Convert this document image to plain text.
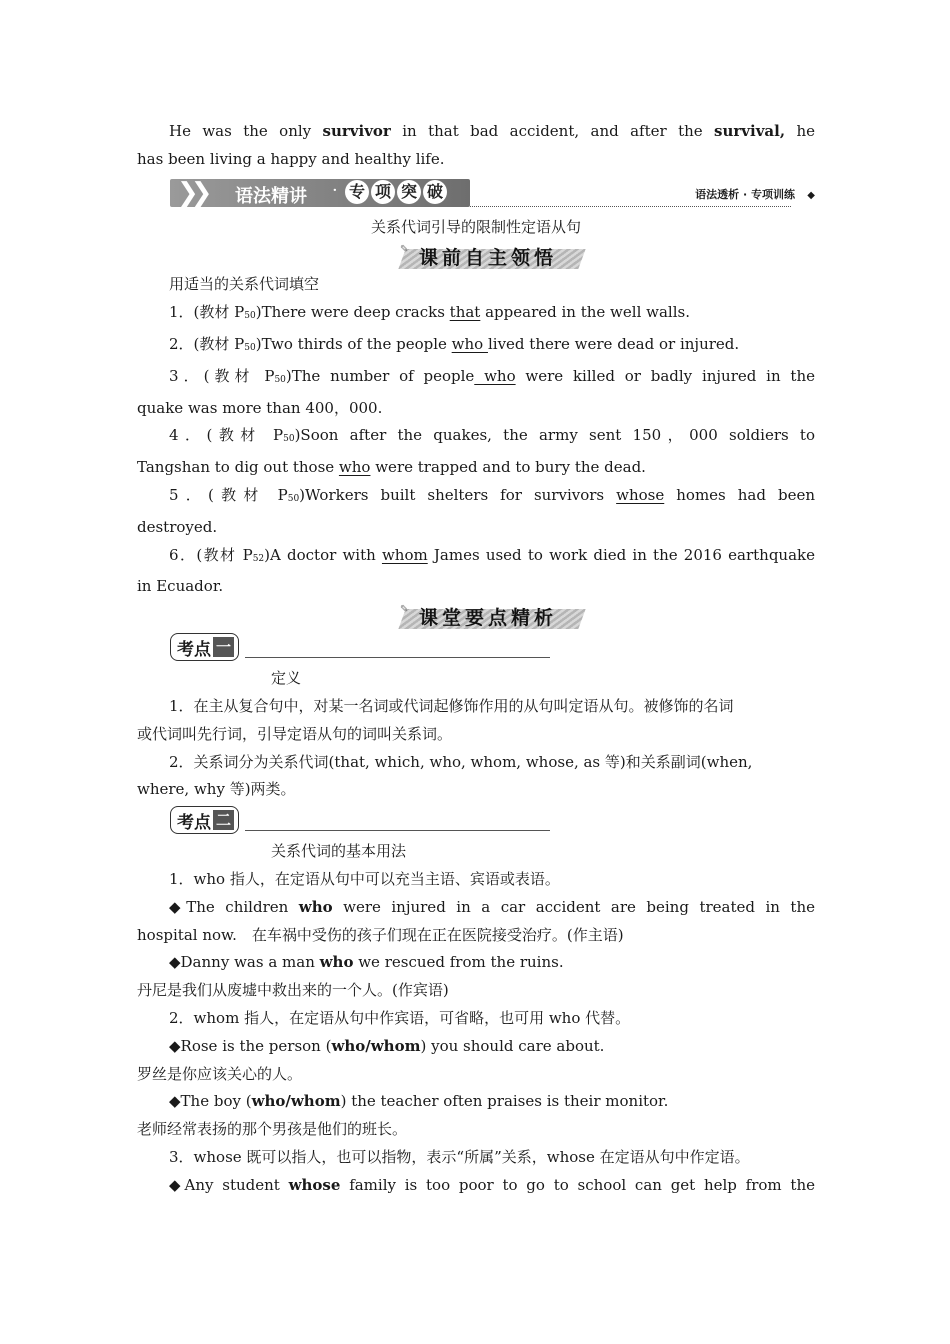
He was the only survivor in that bad accident, and after the survival, he
has been living a happy and healthy life.
❯❯ 语法精讲 · 专 项 突 破	语法透析 · 专项训练 ◆
关系代词引导的限制性定语从句
✎ 课前自主领悟
用适当的关系代词填空
1．(教材 $P_{50})There$ were deep cracks that appeared in the well walls.
2．(教材 $P_{50})Two$ thirds of the people who lived there were dead or injured.
3．(教材 $P_{50})The$ number of people who were killed or badly injured in the
quake was more than 400，000.
4．(教材 $P_{50})Soon$ after the quakes, the army sent 150，000 soldiers to
Tangshan to dig out those who were trapped and to bury the dead.
5．(教材 $P_{50})Workers$ built shelters for survivors whose homes had been
destroyed.
6．(教材 $P_{52})A$ doctor with whom James used to work died in the 2016 earthquake
in Ecuador.
✎ 课堂要点精析
考点 一
定义
1．在主从复合句中，对某一名词或代词起修饰作用的从句叫定语从句。被修饰的名词
或代词叫先行词，引导定语从句的词叫关系词。
2．关系词分为关系代词(that, which, who, whom, whose, as 等)和关系副词(when,
where, why 等)两类。
考点 二
关系代词的基本用法
1．who 指人，在定语从句中可以充当主语、宾语或表语。
◆The children who were injured in a car accident are being treated in the
hospital now.　在车祸中受伤的孩子们现在正在医院接受治疗。(作主语)
◆Danny was a man who we rescued from the ruins.
丹尼是我们从废墟中救出来的一个人。(作宾语)
2．whom 指人，在定语从句中作宾语，可省略，也可用 who 代替。
◆Rose is the person (who/whom) you should care about.
罗丝是你应该关心的人。
◆The boy (who/whom) the teacher often praises is their monitor.
老师经常表扬的那个男孩是他们的班长。
3．whose 既可以指人，也可以指物，表示“所属”关系，whose 在定语从句中作定语。
◆Any student whose family is too poor to go to school can get help from the
